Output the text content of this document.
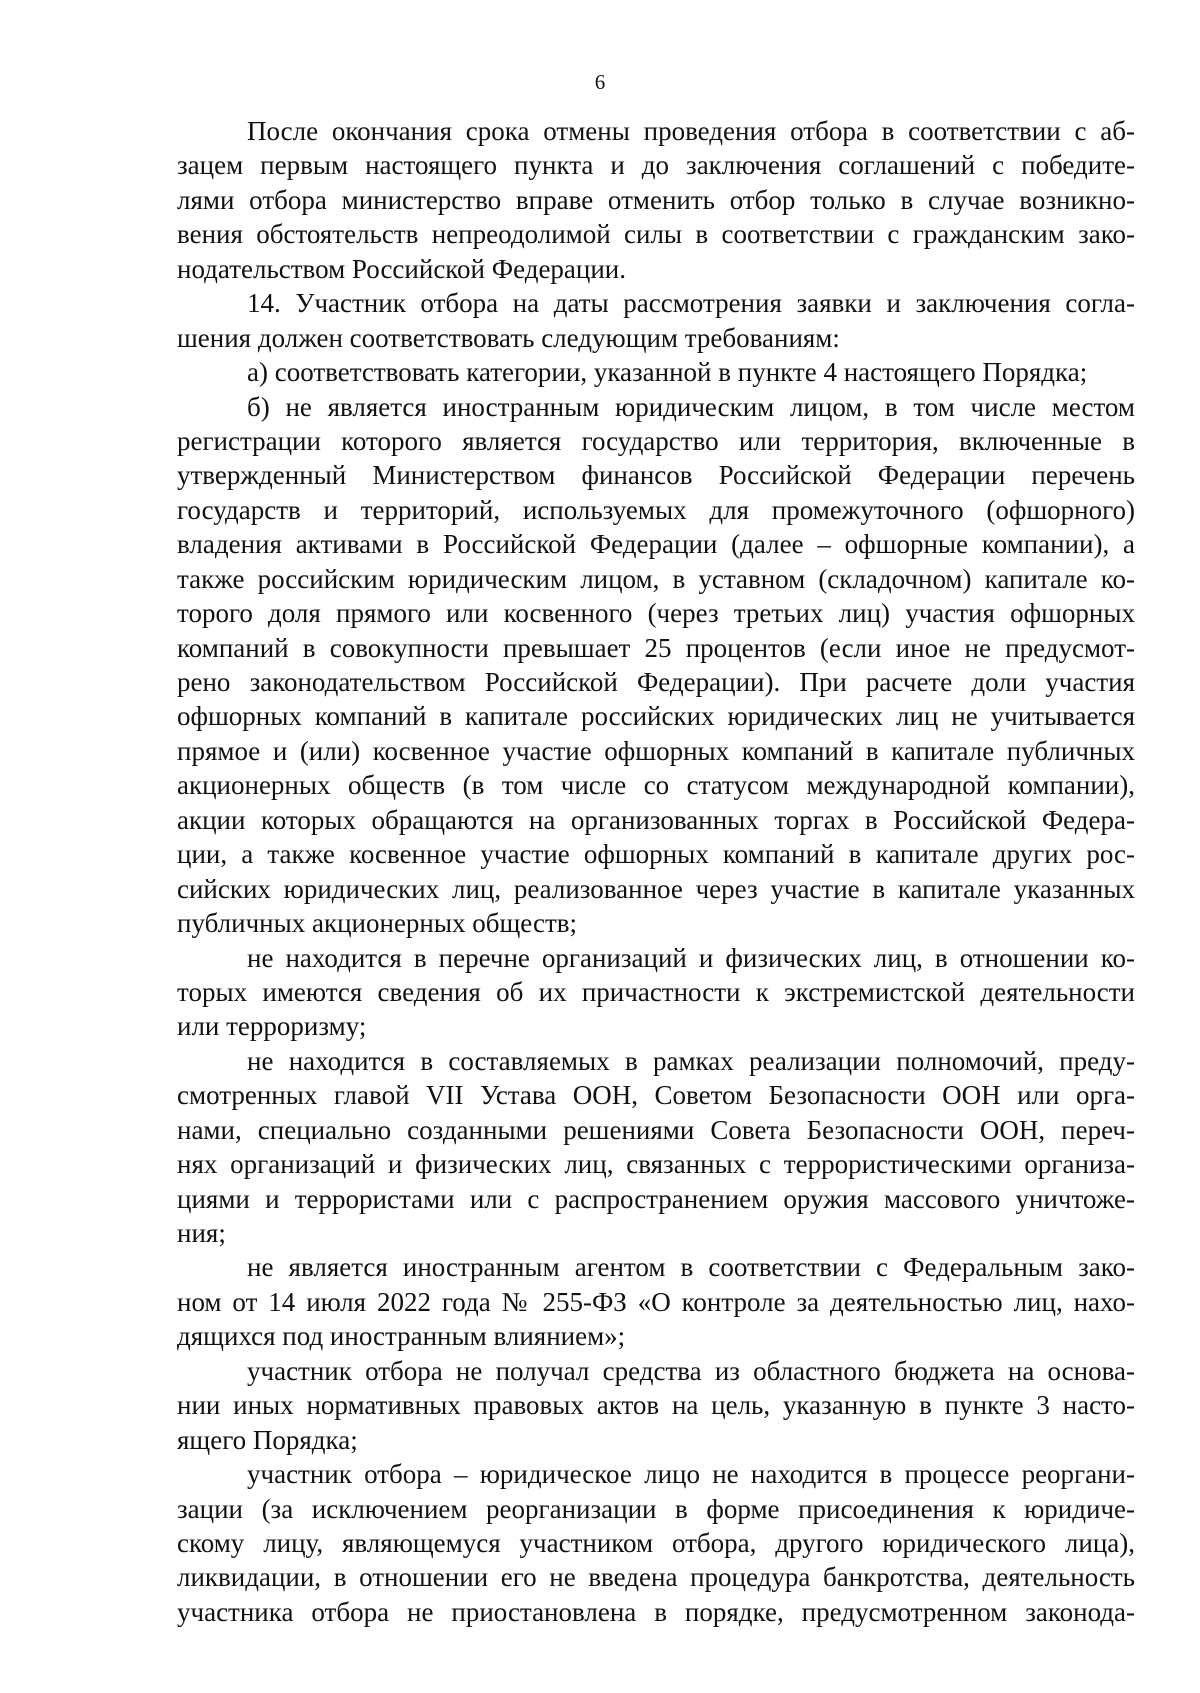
6
После окончания срока отмены проведения отбора в соответствии с аб-
зацем первым настоящего пункта и до заключения соглашений с победите-
лями отбора министерство вправе отменить отбор только в случае возникно-
вения обстоятельств непреодолимой силы в соответствии с гражданским зако-
нодательством Российской Федерации.
14. Участник отбора на даты рассмотрения заявки и заключения согла-
шения должен соответствовать следующим требованиям:
а) соответствовать категории, указанной в пункте 4 настоящего Порядка;
б) не является иностранным юридическим лицом, в том числе местом
регистрации которого является государство или территория, включенные в
утвержденный Министерством финансов Российской Федерации перечень
государств и территорий, используемых для промежуточного (офшорного)
владения активами в Российской Федерации (далее – офшорные компании), а
также российским юридическим лицом, в уставном (складочном) капитале ко-
торого доля прямого или косвенного (через третьих лиц) участия офшорных
компаний в совокупности превышает 25 процентов (если иное не предусмот-
рено законодательством Российской Федерации). При расчете доли участия
офшорных компаний в капитале российских юридических лиц не учитывается
прямое и (или) косвенное участие офшорных компаний в капитале публичных
акционерных обществ (в том числе со статусом международной компании),
акции которых обращаются на организованных торгах в Российской Федера-
ции, а также косвенное участие офшорных компаний в капитале других рос-
сийских юридических лиц, реализованное через участие в капитале указанных
публичных акционерных обществ;
не находится в перечне организаций и физических лиц, в отношении ко-
торых имеются сведения об их причастности к экстремистской деятельности
или терроризму;
не находится в составляемых в рамках реализации полномочий, преду-
смотренных главой VII Устава ООН, Советом Безопасности ООН или орга-
нами, специально созданными решениями Совета Безопасности ООН, переч-
нях организаций и физических лиц, связанных с террористическими организа-
циями и террористами или с распространением оружия массового уничтоже-
ния;
не является иностранным агентом в соответствии с Федеральным зако-
ном от 14 июля 2022 года № 255-ФЗ «О контроле за деятельностью лиц, нахо-
дящихся под иностранным влиянием»;
участник отбора не получал средства из областного бюджета на основа-
нии иных нормативных правовых актов на цель, указанную в пункте 3 насто-
ящего Порядка;
участник отбора – юридическое лицо не находится в процессе реоргани-
зации (за исключением реорганизации в форме присоединения к юридиче-
скому лицу, являющемуся участником отбора, другого юридического лица),
ликвидации, в отношении его не введена процедура банкротства, деятельность
участника отбора не приостановлена в порядке, предусмотренном законода-
